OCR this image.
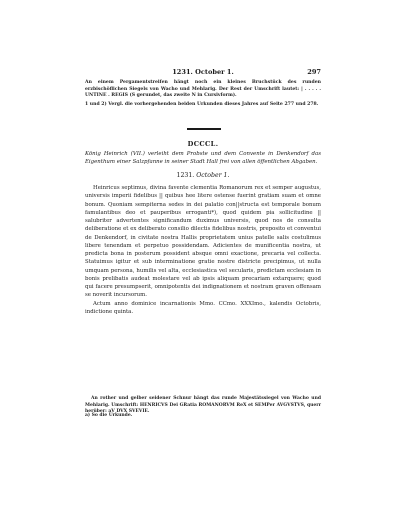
1231. October 1.	297

An einem Pergamentstreifen hängt noch ein kleines Bruchstück des runden erzbischöflichen Siegels von Wacho und Mehlarig. Der Rest der Umschrift lautet: | . . . . . UNTINE . REGIS (S gerundet, das zweite N in Cursivform).

1 und 2) Vergl. die vorhergehenden beiden Urkunden dieses Jahres auf Seite 277 und 278.

DCCCL.
König Heinrich (VII.) verleiht dem Probste und dem Convente in Denkendorf das Eigenthum einer Salzpfanne in seiner Stadt Hall frei von allen öffentlichen Abgaben.
1231. October 1.

Heinricus septimus, divina favente clementia Romanorum rex et semper augustus, universis imperii fidelibus || quibus hee litere ostense fuerint gratiam suam et omne bonum. Quoniam sempiterna sedes in dei palatio con||structa est temporale bonum famulantibus deo et pauperibus erroganti*), quod quidem pia sollicitudine || salubriter advertentes significandum duximus universis, quod nos de consulta deliberatione et ex deliberato consilio dilectis fidelibus nostris, preposito et conventui de Denkendorf, in civitate nostra Hallis proprietatem unius patelle salis costulimus libere tenendam et perpetuo possidendam. Adicientes de munificentia nostra, ut predicta bona in posterum possident absque omni exactione, precaria vel collecta. Statuimus igitur et sub interminatione gratie nostre districte precipimus, ut nulla umquam persona, humilis vel alta, ecclesiastica vel secularis, predictam ecclesiam in bonis prelibatis audeat molestare vel ab ipsis aliquam precariam extarquere; quod qui facere presumpserit, omnipotentis dei indignationem et nostram graven offensam se noverit incursorum.

Actum anno dominice incarnationis Mmo. CCmo. XXXImo., kalendis Octobris, indictione quinta.

An rother und gelber seidener Schnur hängt das runde Majestätssiegel von Wacho und Mehlarig. Umschrift: HENRICVS Dei GRatia ROMANORVM ReX et SEMPer AVGVSTVS, querr herüber: aV DVX SVEVIE.

a) So die Urkunde.
